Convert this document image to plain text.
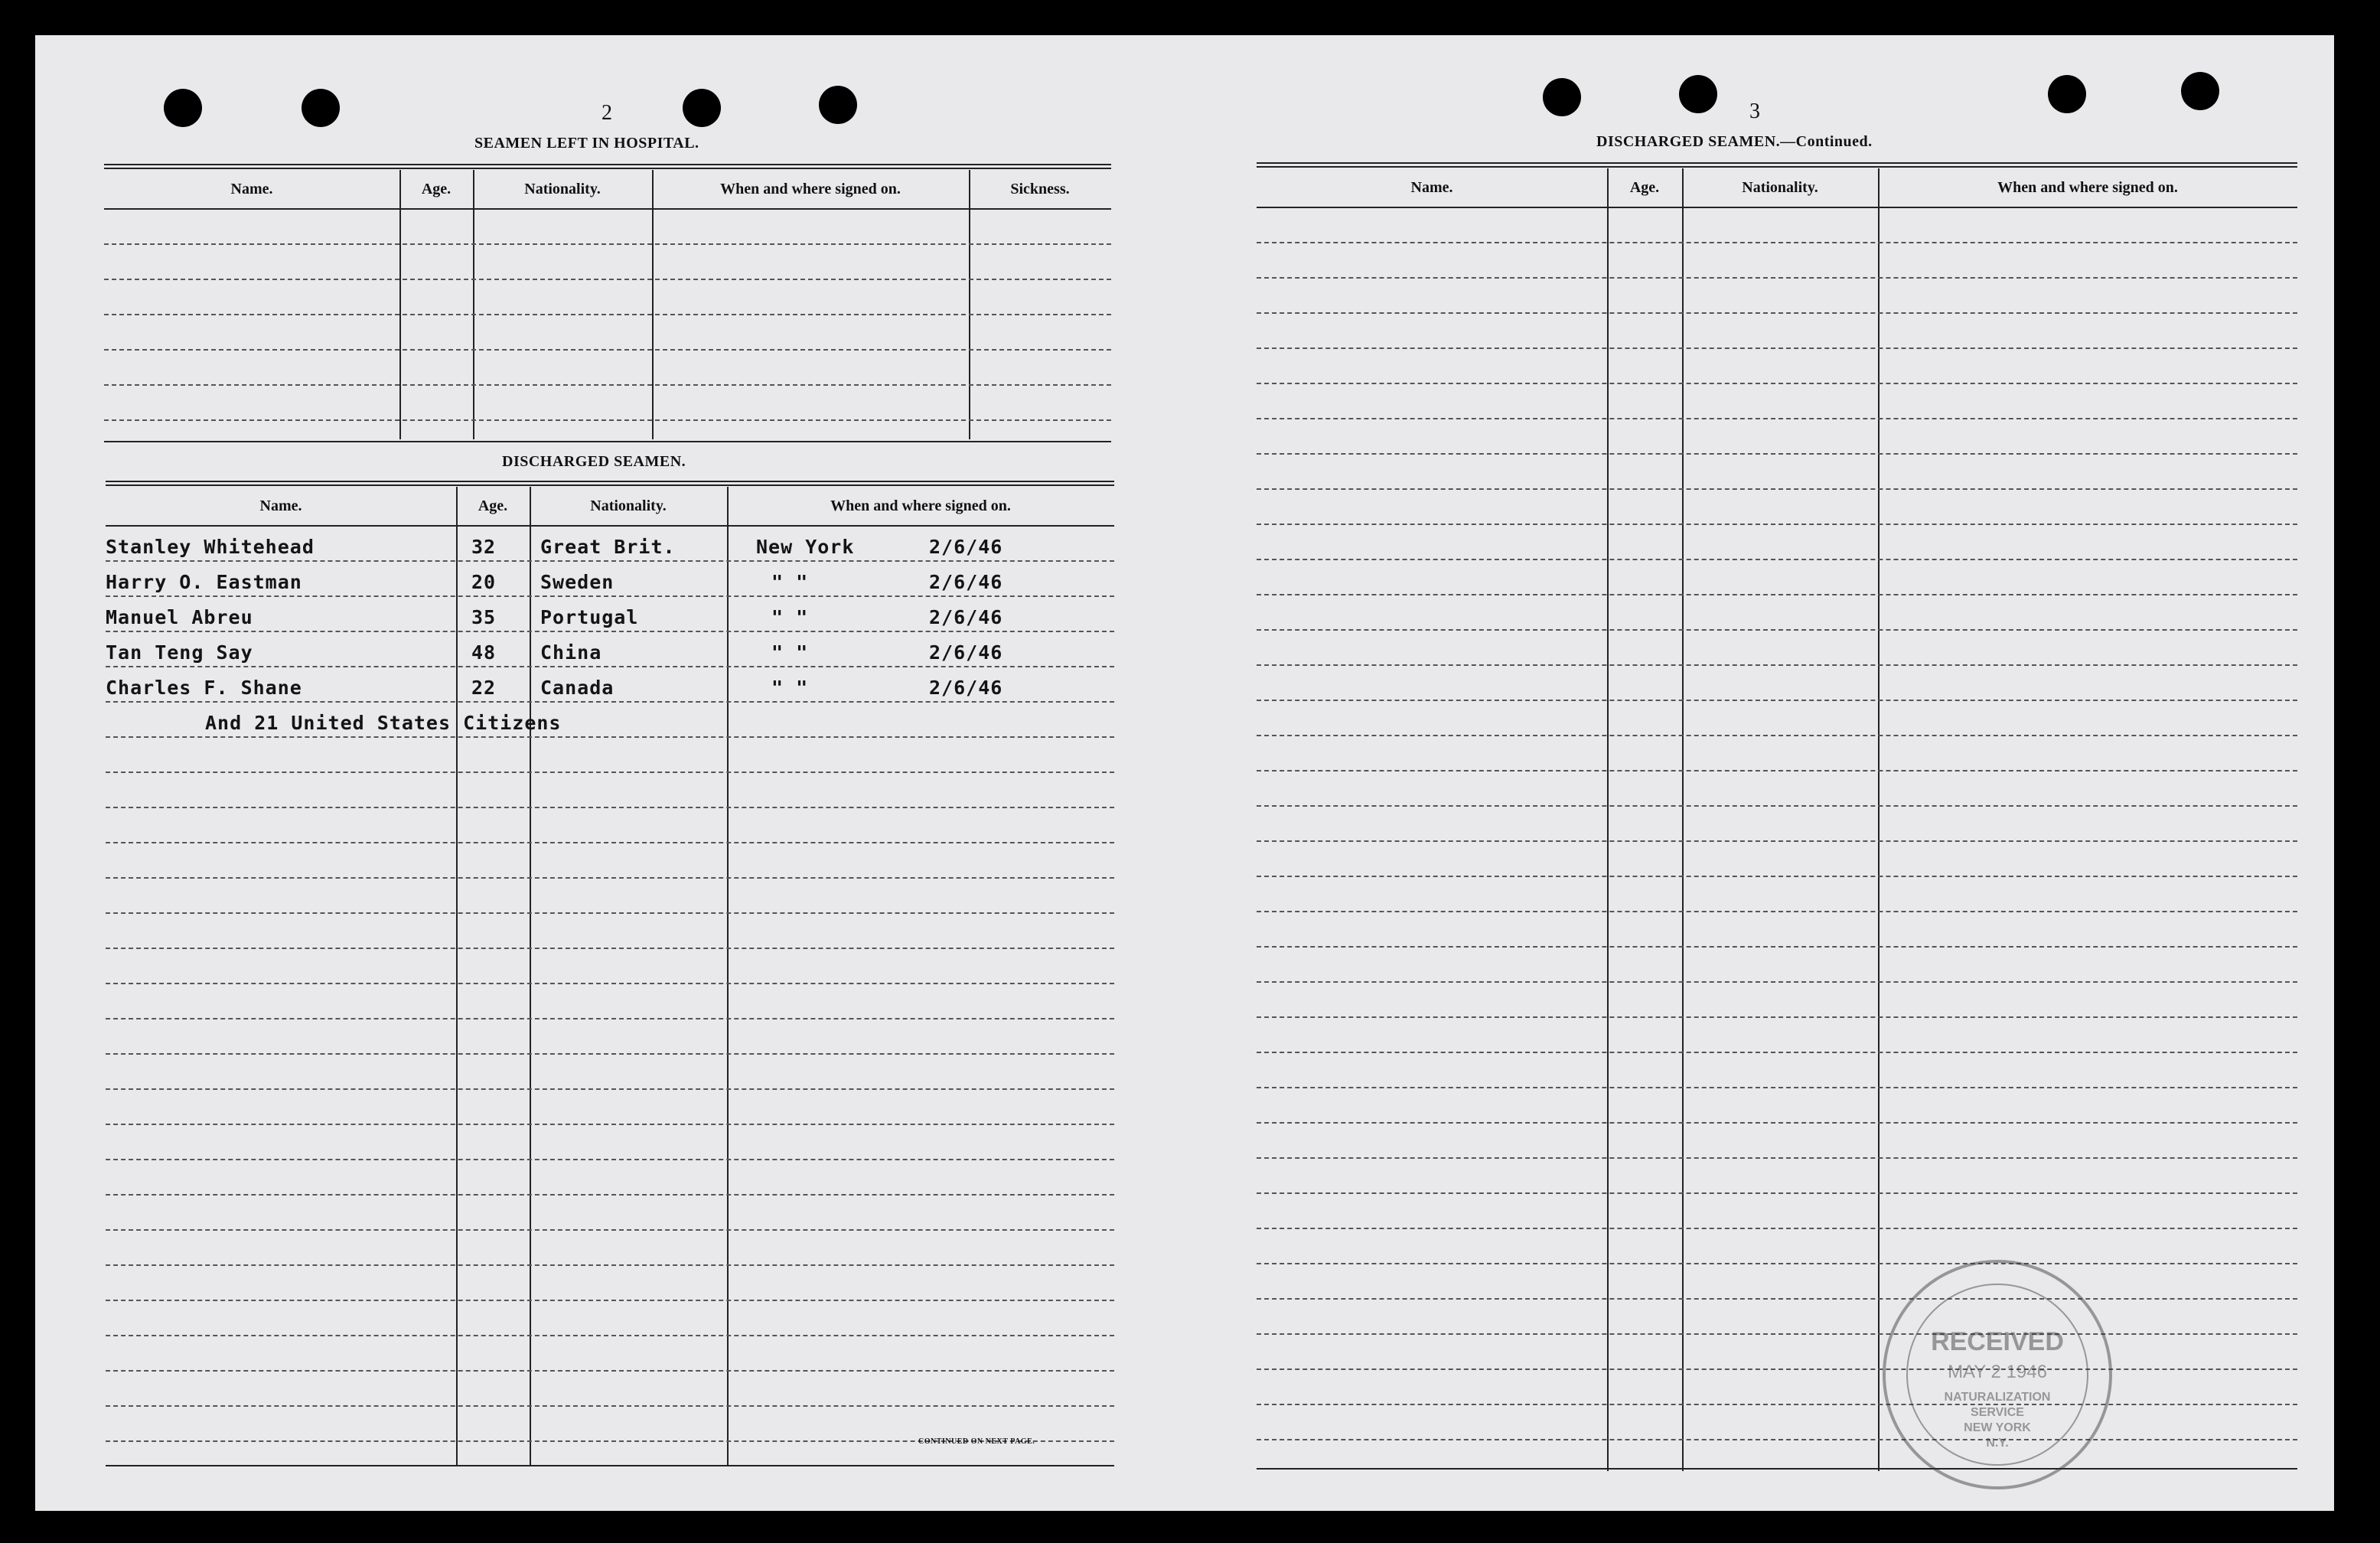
2
SEAMEN LEFT IN HOSPITAL.
Name.	Age.	Nationality.	When and where signed on.	Sickness.
DISCHARGED SEAMEN.
Name.	Age.	Nationality.	When and where signed on.
Stanley Whitehead	32 Great Brit.	New York	2/6/46
Harry O. Eastman	20 Sweden	" "	2/6/46
Manuel Abreu	35 Portugal	" "	2/6/46
Tan Teng Say	48 China	" "	2/6/46
Charles F. Shane	22 Canada	" "	2/6/46
And 21 United States Citizens
CONTINUED ON NEXT PAGE.
3
DISCHARGED SEAMEN.—Continued.
Name.	Age.	Nationality.	When and where signed on.
RECEIVED
MAY 2 1946
NATURALIZATION
SERVICE
NEW YORK
N.Y.
